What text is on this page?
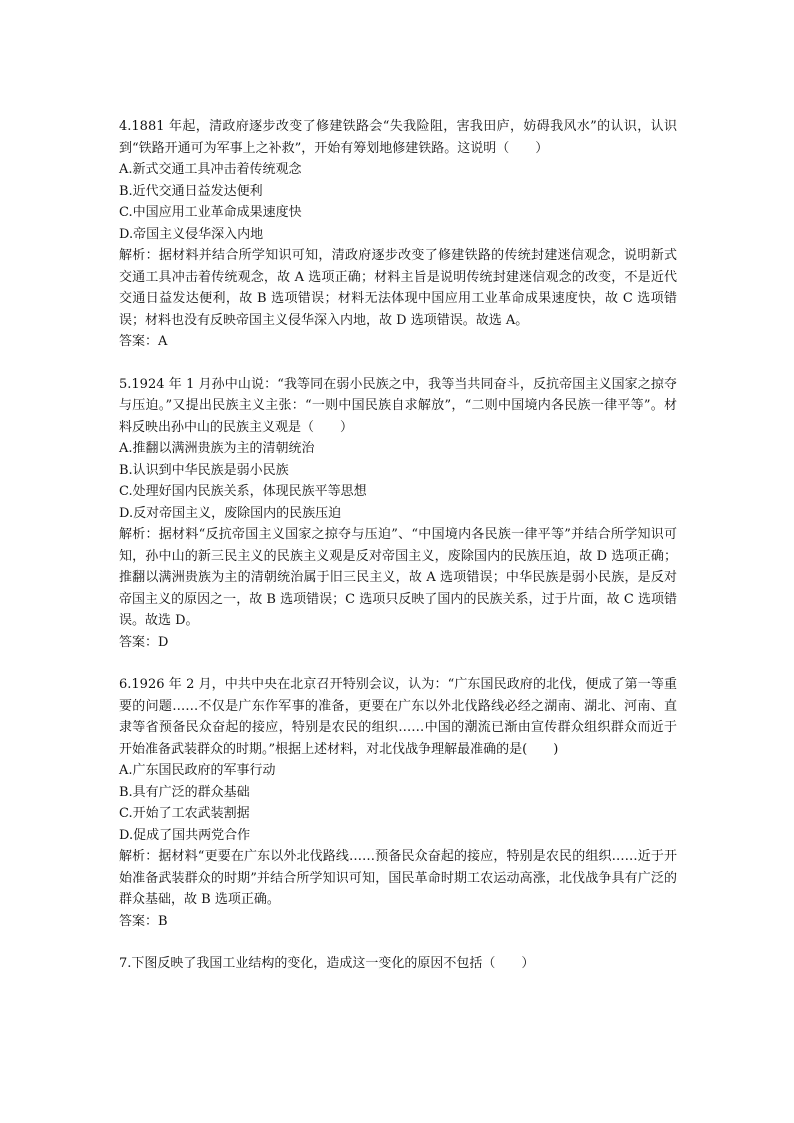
4.1881 年起，清政府逐步改变了修建铁路会“失我险阻，害我田庐，妨碍我风水”的认识，认识到“铁路开通可为军事上之补救”，开始有筹划地修建铁路。这说明（　　）

A.新式交通工具冲击着传统观念

B.近代交通日益发达便利

C.中国应用工业革命成果速度快

D.帝国主义侵华深入内地

解析：据材料并结合所学知识可知，清政府逐步改变了修建铁路的传统封建迷信观念，说明新式交通工具冲击着传统观念，故 A 选项正确；材料主旨是说明传统封建迷信观念的改变，不是近代交通日益发达便利，故 B 选项错误；材料无法体现中国应用工业革命成果速度快，故 C 选项错误；材料也没有反映帝国主义侵华深入内地，故 D 选项错误。故选 A。

答案：A

5.1924 年 1 月孙中山说：“我等同在弱小民族之中，我等当共同奋斗，反抗帝国主义国家之掠夺与压迫。”又提出民族主义主张：“一则中国民族自求解放”，“二则中国境内各民族一律平等”。材料反映出孙中山的民族主义观是（　　）

A.推翻以满洲贵族为主的清朝统治

B.认识到中华民族是弱小民族

C.处理好国内民族关系，体现民族平等思想

D.反对帝国主义，废除国内的民族压迫

解析：据材料“反抗帝国主义国家之掠夺与压迫”、“中国境内各民族一律平等”并结合所学知识可知，孙中山的新三民主义的民族主义观是反对帝国主义，废除国内的民族压迫，故 D 选项正确；推翻以满洲贵族为主的清朝统治属于旧三民主义，故 A 选项错误；中华民族是弱小民族，是反对帝国主义的原因之一，故 B 选项错误；C 选项只反映了国内的民族关系，过于片面，故 C 选项错误。故选 D。

答案：D

6.1926 年 2 月，中共中央在北京召开特别会议，认为：“广东国民政府的北伐，便成了第一等重要的问题……不仅是广东作军事的准备，更要在广东以外北伐路线必经之湖南、湖北、河南、直隶等省预备民众奋起的接应，特别是农民的组织……中国的潮流已渐由宣传群众组织群众而近于开始准备武装群众的时期。”根据上述材料，对北伐战争理解最准确的是(　　)

A.广东国民政府的军事行动

B.具有广泛的群众基础

C.开始了工农武装割据

D.促成了国共两党合作

解析：据材料“更要在广东以外北伐路线……预备民众奋起的接应，特别是农民的组织……近于开始准备武装群众的时期”并结合所学知识可知，国民革命时期工农运动高涨，北伐战争具有广泛的群众基础，故 B 选项正确。

答案：B

7.下图反映了我国工业结构的变化，造成这一变化的原因不包括（　　）
